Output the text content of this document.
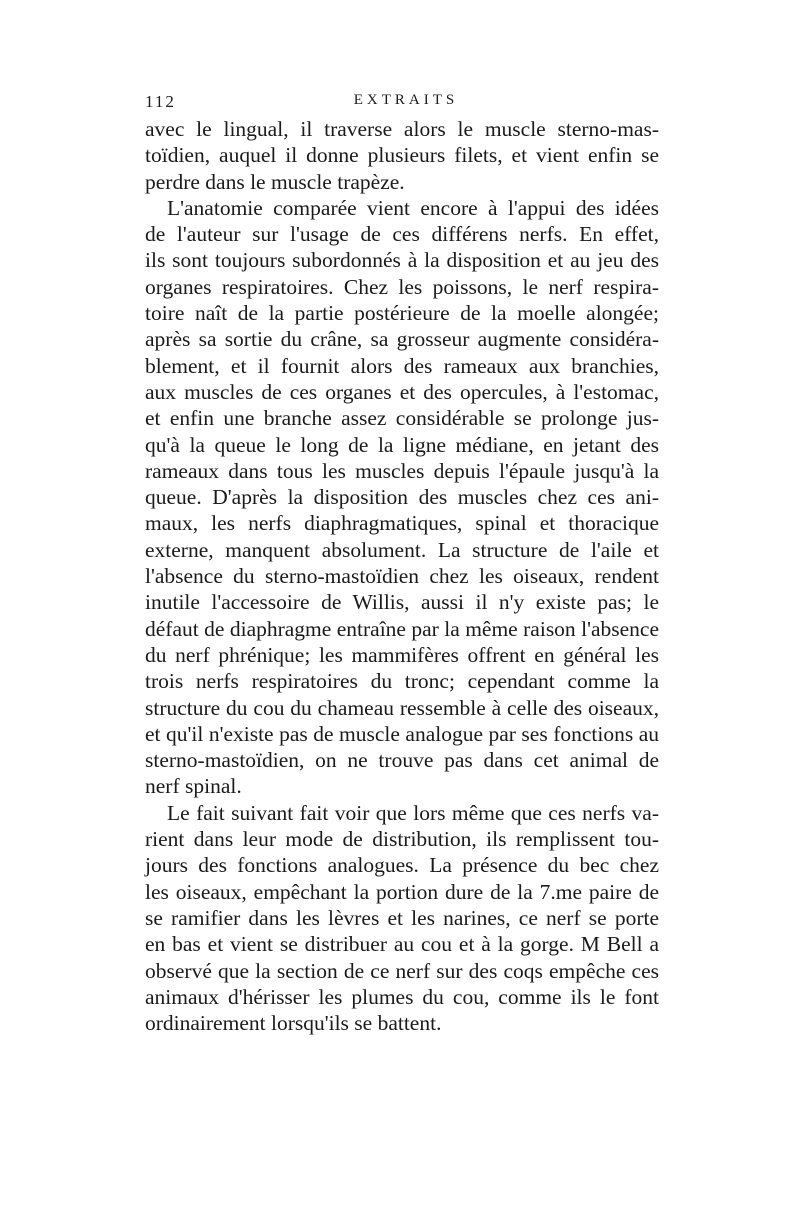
112	EXTRAITS
avec le lingual, il traverse alors le muscle sterno-mas-
toïdien, auquel il donne plusieurs filets, et vient enfin se
perdre dans le muscle trapèze.
L'anatomie comparée vient encore à l'appui des idées
de l'auteur sur l'usage de ces différens nerfs. En effet,
ils sont toujours subordonnés à la disposition et au jeu des
organes respiratoires. Chez les poissons, le nerf respira-
toire naît de la partie postérieure de la moelle alongée;
après sa sortie du crâne, sa grosseur augmente considéra-
blement, et il fournit alors des rameaux aux branchies,
aux muscles de ces organes et des opercules, à l'estomac,
et enfin une branche assez considérable se prolonge jus-
qu'à la queue le long de la ligne médiane, en jetant des
rameaux dans tous les muscles depuis l'épaule jusqu'à la
queue. D'après la disposition des muscles chez ces ani-
maux, les nerfs diaphragmatiques, spinal et thoracique
externe, manquent absolument. La structure de l'aile et
l'absence du sterno-mastoïdien chez les oiseaux, rendent
inutile l'accessoire de Willis, aussi il n'y existe pas; le
défaut de diaphragme entraîne par la même raison l'absence
du nerf phrénique; les mammifères offrent en général les
trois nerfs respiratoires du tronc; cependant comme la
structure du cou du chameau ressemble à celle des oiseaux,
et qu'il n'existe pas de muscle analogue par ses fonctions au
sterno-mastoïdien, on ne trouve pas dans cet animal de
nerf spinal.
Le fait suivant fait voir que lors même que ces nerfs va-
rient dans leur mode de distribution, ils remplissent tou-
jours des fonctions analogues. La présence du bec chez
les oiseaux, empêchant la portion dure de la 7.me paire de
se ramifier dans les lèvres et les narines, ce nerf se porte
en bas et vient se distribuer au cou et à la gorge. M Bell a
observé que la section de ce nerf sur des coqs empêche ces
animaux d'hérisser les plumes du cou, comme ils le font
ordinairement lorsqu'ils se battent.
